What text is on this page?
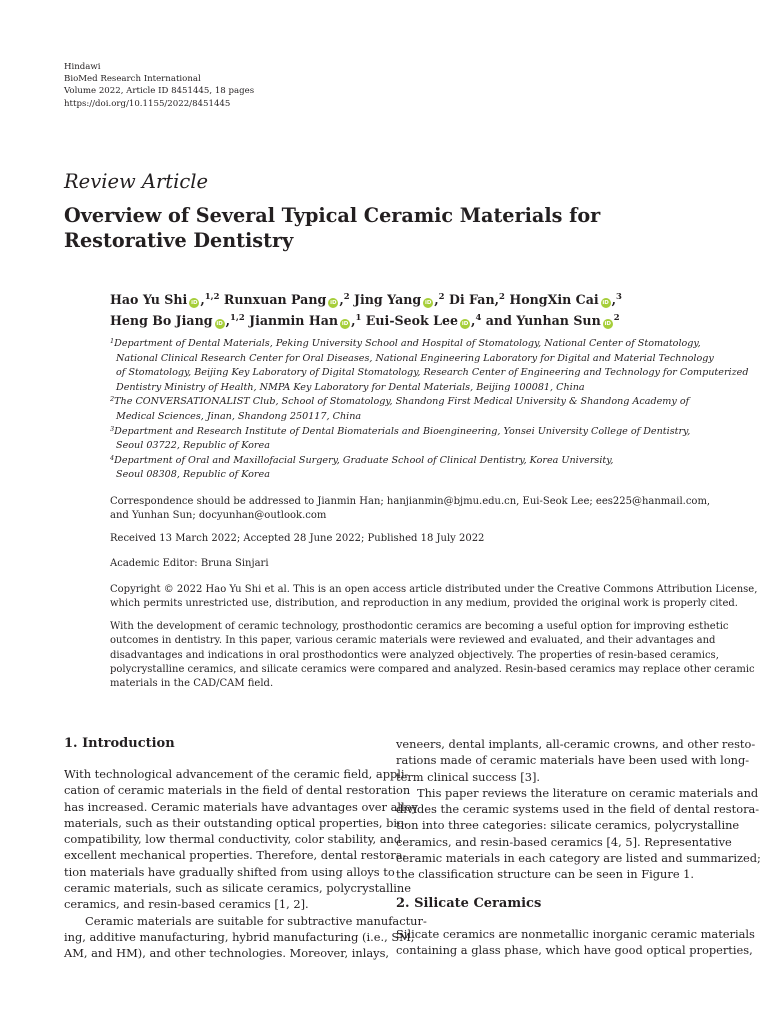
Hindawi
BioMed Research International
Volume 2022, Article ID 8451445, 18 pages
https://doi.org/10.1155/2022/8451445
Review Article
Overview of Several Typical Ceramic Materials for
Restorative Dentistry
Hao Yu Shi iD ,$^{1,2}$ Runxuan Pang iD ,$^2$ Jing Yang iD ,$^2$ Di Fan,$^2$ HongXin Cai iD ,$^3$
Heng Bo Jiang iD ,$^{1,2}$ Jianmin Han iD ,$^1$ Eui-Seok Lee iD ,$^4$ and Yunhan Sun $iD^2$
$^1$Department of Dental Materials, Peking University School and Hospital of Stomatology, National Center of Stomatology,
National Clinical Research Center for Oral Diseases, National Engineering Laboratory for Digital and Material Technology
of Stomatology, Beijing Key Laboratory of Digital Stomatology, Research Center of Engineering and Technology for Computerized
Dentistry Ministry of Health, NMPA Key Laboratory for Dental Materials, Beijing 100081, China
$^2$The CONVERSATIONALIST Club, School of Stomatology, Shandong First Medical University & Shandong Academy of
Medical Sciences, Jinan, Shandong 250117, China
$^3$Department and Research Institute of Dental Biomaterials and Bioengineering, Yonsei University College of Dentistry,
Seoul 03722, Republic of Korea
$^4$Department of Oral and Maxillofacial Surgery, Graduate School of Clinical Dentistry, Korea University,
Seoul 08308, Republic of Korea
Correspondence should be addressed to Jianmin Han; hanjianmin@bjmu.edu.cn, Eui-Seok Lee; ees225@hanmail.com,
and Yunhan Sun; docyunhan@outlook.com
Received 13 March 2022; Accepted 28 June 2022; Published 18 July 2022
Academic Editor: Bruna Sinjari
Copyright © 2022 Hao Yu Shi et al. This is an open access article distributed under the Creative Commons Attribution License,
which permits unrestricted use, distribution, and reproduction in any medium, provided the original work is properly cited.
With the development of ceramic technology, prosthodontic ceramics are becoming a useful option for improving esthetic
outcomes in dentistry. In this paper, various ceramic materials were reviewed and evaluated, and their advantages and
disadvantages and indications in oral prosthodontics were analyzed objectively. The properties of resin-based ceramics,
polycrystalline ceramics, and silicate ceramics were compared and analyzed. Resin-based ceramics may replace other ceramic
materials in the CAD/CAM field.
1. Introduction
With technological advancement of the ceramic field, appli-
cation of ceramic materials in the field of dental restoration
has increased. Ceramic materials have advantages over alloy
materials, such as their outstanding optical properties, bio-
compatibility, low thermal conductivity, color stability, and
excellent mechanical properties. Therefore, dental restora-
tion materials have gradually shifted from using alloys to
ceramic materials, such as silicate ceramics, polycrystalline
ceramics, and resin-based ceramics [1, 2].
Ceramic materials are suitable for subtractive manufactur-
ing, additive manufacturing, hybrid manufacturing (i.e., SM,
AM, and HM), and other technologies. Moreover, inlays,
veneers, dental implants, all-ceramic crowns, and other resto-
rations made of ceramic materials have been used with long-
term clinical success [3].
This paper reviews the literature on ceramic materials and
divides the ceramic systems used in the field of dental restora-
tion into three categories: silicate ceramics, polycrystalline
ceramics, and resin-based ceramics [4, 5]. Representative
ceramic materials in each category are listed and summarized;
the classification structure can be seen in Figure 1.
2. Silicate Ceramics
Silicate ceramics are nonmetallic inorganic ceramic materials
containing a glass phase, which have good optical properties,
